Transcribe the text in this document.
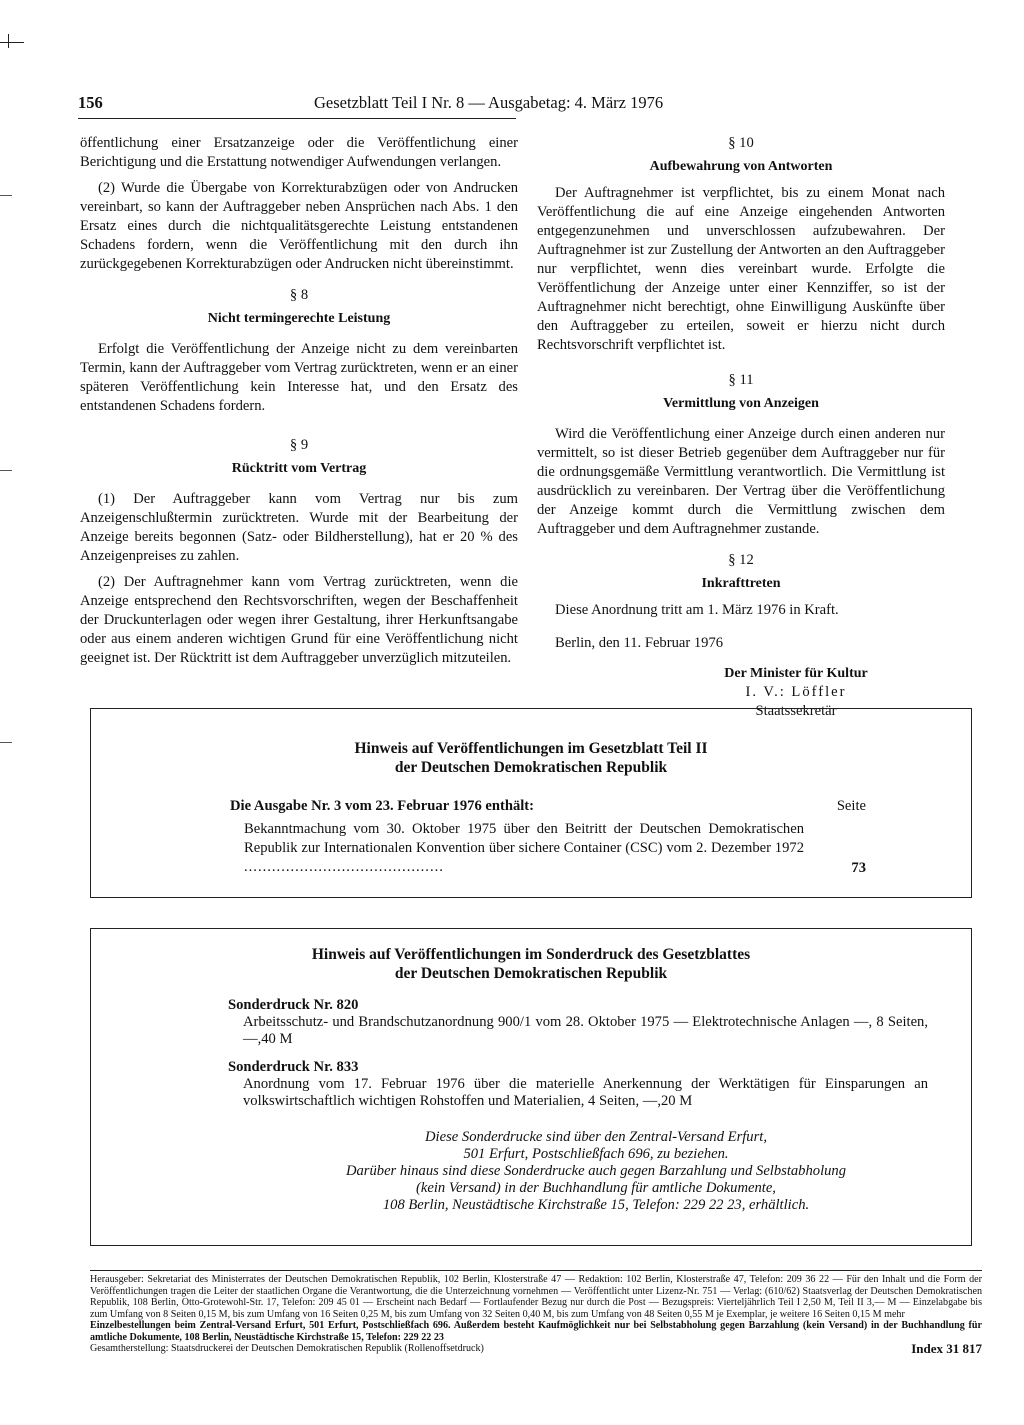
156	Gesetzblatt Teil I Nr. 8 — Ausgabetag: 4. März 1976

öffentlichung einer Ersatzanzeige oder die Veröffentlichung einer Berichtigung und die Erstattung notwendiger Aufwendungen verlangen.

(2) Wurde die Übergabe von Korrekturabzügen oder von Andrucken vereinbart, so kann der Auftraggeber neben Ansprüchen nach Abs. 1 den Ersatz eines durch die nichtqualitätsgerechte Leistung entstandenen Schadens fordern, wenn die Veröffentlichung mit den durch ihn zurückgegebenen Korrekturabzügen oder Andrucken nicht übereinstimmt.

§ 8
Nicht termingerechte Leistung

Erfolgt die Veröffentlichung der Anzeige nicht zu dem vereinbarten Termin, kann der Auftraggeber vom Vertrag zurücktreten, wenn er an einer späteren Veröffentlichung kein Interesse hat, und den Ersatz des entstandenen Schadens fordern.

§ 9
Rücktritt vom Vertrag

(1) Der Auftraggeber kann vom Vertrag nur bis zum Anzeigenschlußtermin zurücktreten. Wurde mit der Bearbeitung der Anzeige bereits begonnen (Satz- oder Bildherstellung), hat er 20 % des Anzeigenpreises zu zahlen.

(2) Der Auftragnehmer kann vom Vertrag zurücktreten, wenn die Anzeige entsprechend den Rechtsvorschriften, wegen der Beschaffenheit der Druckunterlagen oder wegen ihrer Gestaltung, ihrer Herkunftsangabe oder aus einem anderen wichtigen Grund für eine Veröffentlichung nicht geeignet ist. Der Rücktritt ist dem Auftraggeber unverzüglich mitzuteilen.

§ 10
Aufbewahrung von Antworten

Der Auftragnehmer ist verpflichtet, bis zu einem Monat nach Veröffentlichung die auf eine Anzeige eingehenden Antworten entgegenzunehmen und unverschlossen aufzubewahren. Der Auftragnehmer ist zur Zustellung der Antworten an den Auftraggeber nur verpflichtet, wenn dies vereinbart wurde. Erfolgte die Veröffentlichung der Anzeige unter einer Kennziffer, so ist der Auftragnehmer nicht berechtigt, ohne Einwilligung Auskünfte über den Auftraggeber zu erteilen, soweit er hierzu nicht durch Rechtsvorschrift verpflichtet ist.

§ 11
Vermittlung von Anzeigen

Wird die Veröffentlichung einer Anzeige durch einen anderen nur vermittelt, so ist dieser Betrieb gegenüber dem Auftraggeber nur für die ordnungsgemäße Vermittlung verantwortlich. Die Vermittlung ist ausdrücklich zu vereinbaren. Der Vertrag über die Veröffentlichung der Anzeige kommt durch die Vermittlung zwischen dem Auftraggeber und dem Auftragnehmer zustande.

§ 12
Inkrafttreten

Diese Anordnung tritt am 1. März 1976 in Kraft.

Berlin, den 11. Februar 1976
Der Minister für Kultur
I. V.: Löffler
Staatssekretär
Hinweis auf Veröffentlichungen im Gesetzblatt Teil II
der Deutschen Demokratischen Republik
Die Ausgabe Nr. 3 vom 23. Februar 1976 enthält:	Seite
Bekanntmachung vom 30. Oktober 1975 über den Beitritt der Deutschen Demokratischen Republik zur Internationalen Konvention über sichere Container (CSC) vom 2. Dezember 1972 ...........................................	73
Hinweis auf Veröffentlichungen im Sonderdruck des Gesetzblattes
der Deutschen Demokratischen Republik
Sonderdruck Nr. 820
Arbeitsschutz- und Brandschutzanordnung 900/1 vom 28. Oktober 1975 — Elektrotechnische Anlagen —, 8 Seiten, —,40 M
Sonderdruck Nr. 833
Anordnung vom 17. Februar 1976 über die materielle Anerkennung der Werktätigen für Einsparungen an volkswirtschaftlich wichtigen Rohstoffen und Materialien, 4 Seiten, —,20 M
Diese Sonderdrucke sind über den Zentral-Versand Erfurt,
501 Erfurt, Postschließfach 696, zu beziehen.
Darüber hinaus sind diese Sonderdrucke auch gegen Barzahlung und Selbstabholung
(kein Versand) in der Buchhandlung für amtliche Dokumente,
108 Berlin, Neustädtische Kirchstraße 15, Telefon: 229 22 23, erhältlich.
Herausgeber: Sekretariat des Ministerrates der Deutschen Demokratischen Republik, 102 Berlin, Klosterstraße 47 — Redaktion: 102 Berlin, Klosterstraße 47, Telefon: 209 36 22 — Für den Inhalt und die Form der Veröffentlichungen tragen die Leiter der staatlichen Organe die Verantwortung, die die Unterzeichnung vornehmen — Veröffentlicht unter Lizenz-Nr. 751 — Verlag: (610/62) Staatsverlag der Deutschen Demokratischen Republik, 108 Berlin, Otto-Grotewohl-Str. 17, Telefon: 209 45 01 — Erscheint nach Bedarf — Fortlaufender Bezug nur durch die Post — Bezugspreis: Vierteljährlich Teil I 2,50 M, Teil II 3,— M — Einzelabgabe bis zum Umfang von 8 Seiten 0,15 M, bis zum Umfang von 16 Seiten 0,25 M, bis zum Umfang von 32 Seiten 0,40 M, bis zum Umfang von 48 Seiten 0,55 M je Exemplar, je weitere 16 Seiten 0,15 M mehr
Einzelbestellungen beim Zentral-Versand Erfurt, 501 Erfurt, Postschließfach 696. Außerdem besteht Kaufmöglichkeit nur bei Selbstabholung gegen Barzahlung (kein Versand) in der Buchhandlung für amtliche Dokumente, 108 Berlin, Neustädtische Kirchstraße 15, Telefon: 229 22 23
Gesamtherstellung: Staatsdruckerei der Deutschen Demokratischen Republik (Rollenoffsetdruck)	Index 31 817
